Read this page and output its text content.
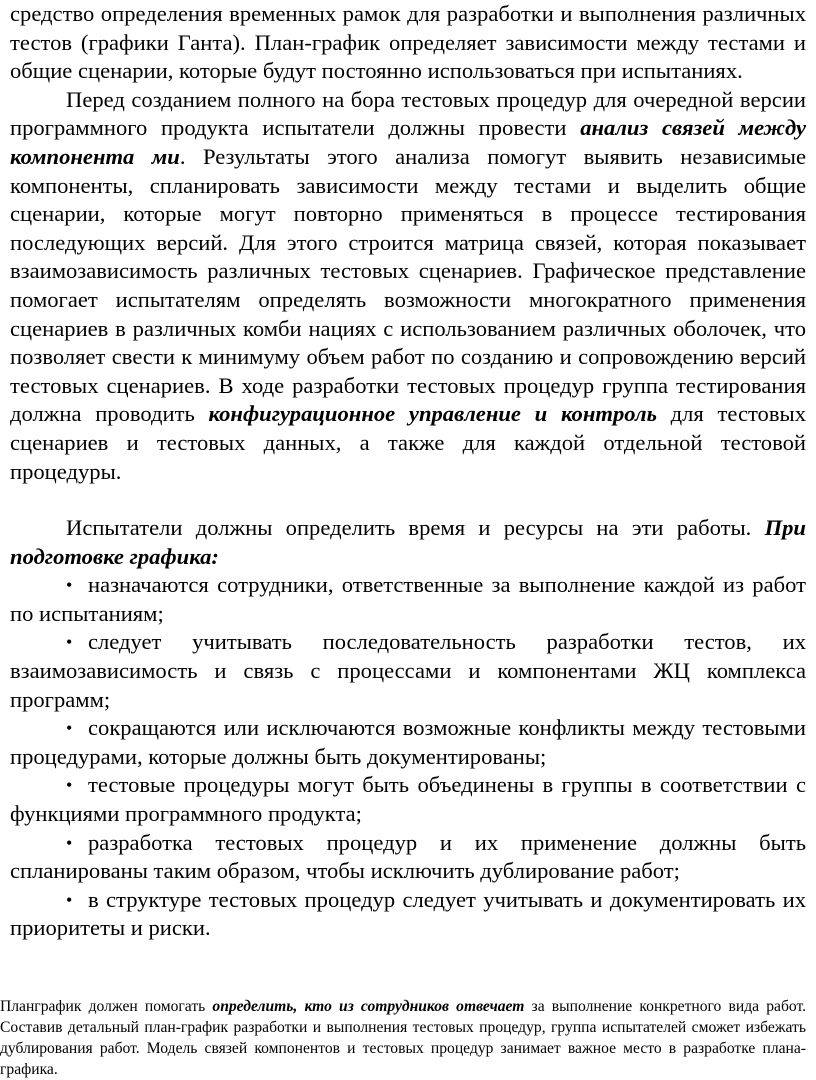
средство определения временных рамок для разработки и выполнения различных тестов (графики Ганта). План-график определяет зависимости между тестами и общие сценарии, которые будут постоянно использоваться при испытаниях.

Перед созданием полного на бора тестовых процедур для очередной версии программного продукта испытатели должны провести анализ связей между компонента ми. Результаты этого анализа помогут выявить независимые компоненты, спланировать зависимости между тестами и выделить общие сценарии, которые могут повторно применяться в процессе тестирования последующих версий. Для этого строится матрица связей, которая показывает взаимозависимость различных тестовых сценариев. Графическое представление помогает испытателям определять возможности многократного применения сценариев в различных комби нациях с использованием различных оболочек, что позволяет свести к минимуму объем работ по созданию и сопровождению версий тестовых сценариев. В ходе разработки тестовых процедур группа тестирования должна проводить конфигурационное управление и контроль для тестовых сценариев и тестовых данных, а также для каждой отдельной тестовой процедуры.

Испытатели должны определить время и ресурсы на эти работы. При подготовке графика:

• назначаются сотрудники, ответственные за выполнение каждой из работ по испытаниям;
• следует учитывать последовательность разработки тестов, их взаимозависимость и связь с процессами и компонентами ЖЦ комплекса программ;
• сокращаются или исключаются возможные конфликты между тестовыми процедурами, которые должны быть документированы;
• тестовые процедуры могут быть объединены в группы в соответствии с функциями программного продукта;
• разработка тестовых процедур и их применение должны быть спланированы таким образом, чтобы исключить дублирование работ;
• в структуре тестовых процедур следует учитывать и документировать их приоритеты и риски.

Планграфик должен помогать определить, кто из сотрудников отвечает за выполнение конкретного вида работ. Составив детальный план-график разработки и выполнения тестовых процедур, группа испытателей сможет избежать дублирования работ. Модель связей компонентов и тестовых процедур занимает важное место в разработке плана-графика.
